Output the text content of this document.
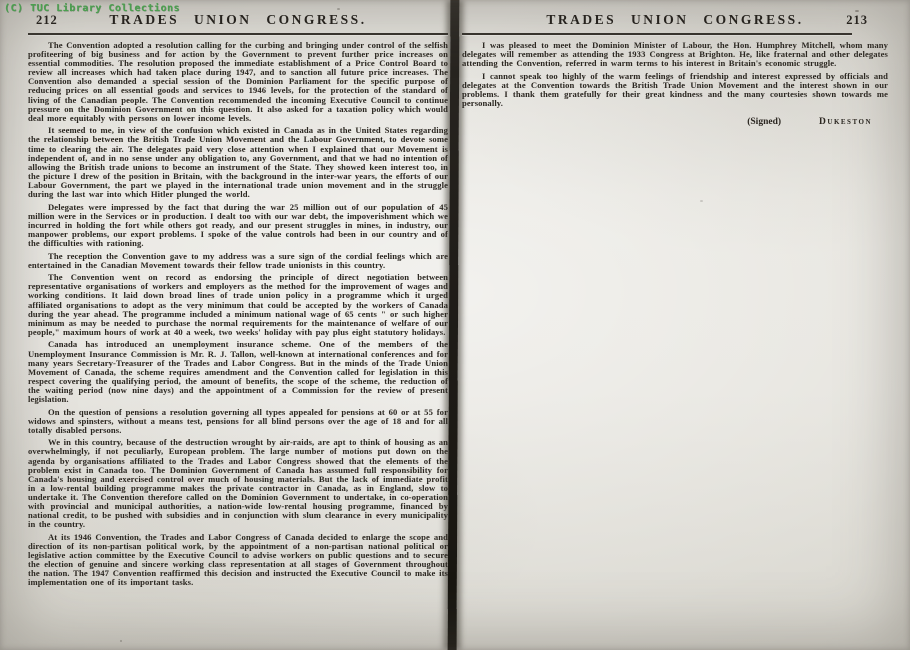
(C) TUC Library Collections
212	TRADES UNION CONGRESS.

The Convention adopted a resolution calling for the curbing and bringing under control of the selfish profiteering of big business and for action by the Government to prevent further price increases on essential commodities. The resolution proposed the immediate establishment of a Price Control Board to review all increases which had taken place during 1947, and to sanction all future price increases. The Convention also demanded a special session of the Dominion Parliament for the specific purpose of reducing prices on all essential goods and services to 1946 levels, for the protection of the standard of living of the Canadian people. The Convention recommended the incoming Executive Council to continue pressure on the Dominion Government on this question. It also asked for a taxation policy which would deal more equitably with persons on lower income levels.

It seemed to me, in view of the confusion which existed in Canada as in the United States regarding the relationship between the British Trade Union Movement and the Labour Government, to devote some time to clearing the air. The delegates paid very close attention when I explained that our Movement is independent of, and in no sense under any obligation to, any Government, and that we had no intention of allowing the British trade unions to become an instrument of the State. They showed keen interest too, in the picture I drew of the position in Britain, with the background in the inter-war years, the efforts of our Labour Government, the part we played in the international trade union movement and in the struggle during the last war into which Hitler plunged the world.

Delegates were impressed by the fact that during the war 25 million out of our population of 45 million were in the Services or in production. I dealt too with our war debt, the impoverishment which we incurred in holding the fort while others got ready, and our present struggles in mines, in industry, our manpower problems, our export problems. I spoke of the value controls had been in our country and of the difficulties with rationing.

The reception the Convention gave to my address was a sure sign of the cordial feelings which are entertained in the Canadian Movement towards their fellow trade unionists in this country.

The Convention went on record as endorsing the principle of direct negotiation between representative organisations of workers and employers as the method for the improvement of wages and working conditions. It laid down broad lines of trade union policy in a programme which it urged affiliated organisations to adopt as the very minimum that could be accepted by the workers of Canada during the year ahead. The programme included a minimum national wage of 65 cents " or such higher minimum as may be needed to purchase the normal requirements for the maintenance of welfare of our people," maximum hours of work at 40 a week, two weeks' holiday with pay plus eight statutory holidays.

Canada has introduced an unemployment insurance scheme. One of the members of the Unemployment Insurance Commission is Mr. R. J. Tallon, well-known at international conferences and for many years Secretary-Treasurer of the Trades and Labor Congress. But in the minds of the Trade Union Movement of Canada, the scheme requires amendment and the Convention called for legislation in this respect covering the qualifying period, the amount of benefits, the scope of the scheme, the reduction of the waiting period (now nine days) and the appointment of a Commission for the review of present legislation.

On the question of pensions a resolution governing all types appealed for pensions at 60 or at 55 for widows and spinsters, without a means test, pensions for all blind persons over the age of 18 and for all totally disabled persons.

We in this country, because of the destruction wrought by air-raids, are apt to think of housing as an overwhelmingly, if not peculiarly, European problem. The large number of motions put down on the agenda by organisations affiliated to the Trades and Labor Congress showed that the elements of the problem exist in Canada too. The Dominion Government of Canada has assumed full responsibility for Canada's housing and exercised control over much of housing materials. But the lack of immediate profit in a low-rental building programme makes the private contractor in Canada, as in England, slow to undertake it. The Convention therefore called on the Dominion Government to undertake, in co-operation with provincial and municipal authorities, a nation-wide low-rental housing programme, financed by national credit, to be pushed with subsidies and in conjunction with slum clearance in every municipality in the country.

At its 1946 Convention, the Trades and Labor Congress of Canada decided to enlarge the scope and direction of its non-partisan political work, by the appointment of a non-partisan national political or legislative action committee by the Executive Council to advise workers on public questions and to secure the election of genuine and sincere working class representation at all stages of Government throughout the nation. The 1947 Convention reaffirmed this decision and instructed the Executive Council to make its implementation one of its important tasks.

TRADES UNION CONGRESS.	213

I was pleased to meet the Dominion Minister of Labour, the Hon. Humphrey Mitchell, whom many delegates will remember as attending the 1933 Congress at Brighton. He, like fraternal and other delegates attending the Convention, referred in warm terms to his interest in Britain's economic struggle.

I cannot speak too highly of the warm feelings of friendship and interest expressed by officials and delegates at the Convention towards the British Trade Union Movement and the interest shown in our problems. I thank them gratefully for their great kindness and the many courtesies shown towards me personally.

(Signed)	Dukeston
